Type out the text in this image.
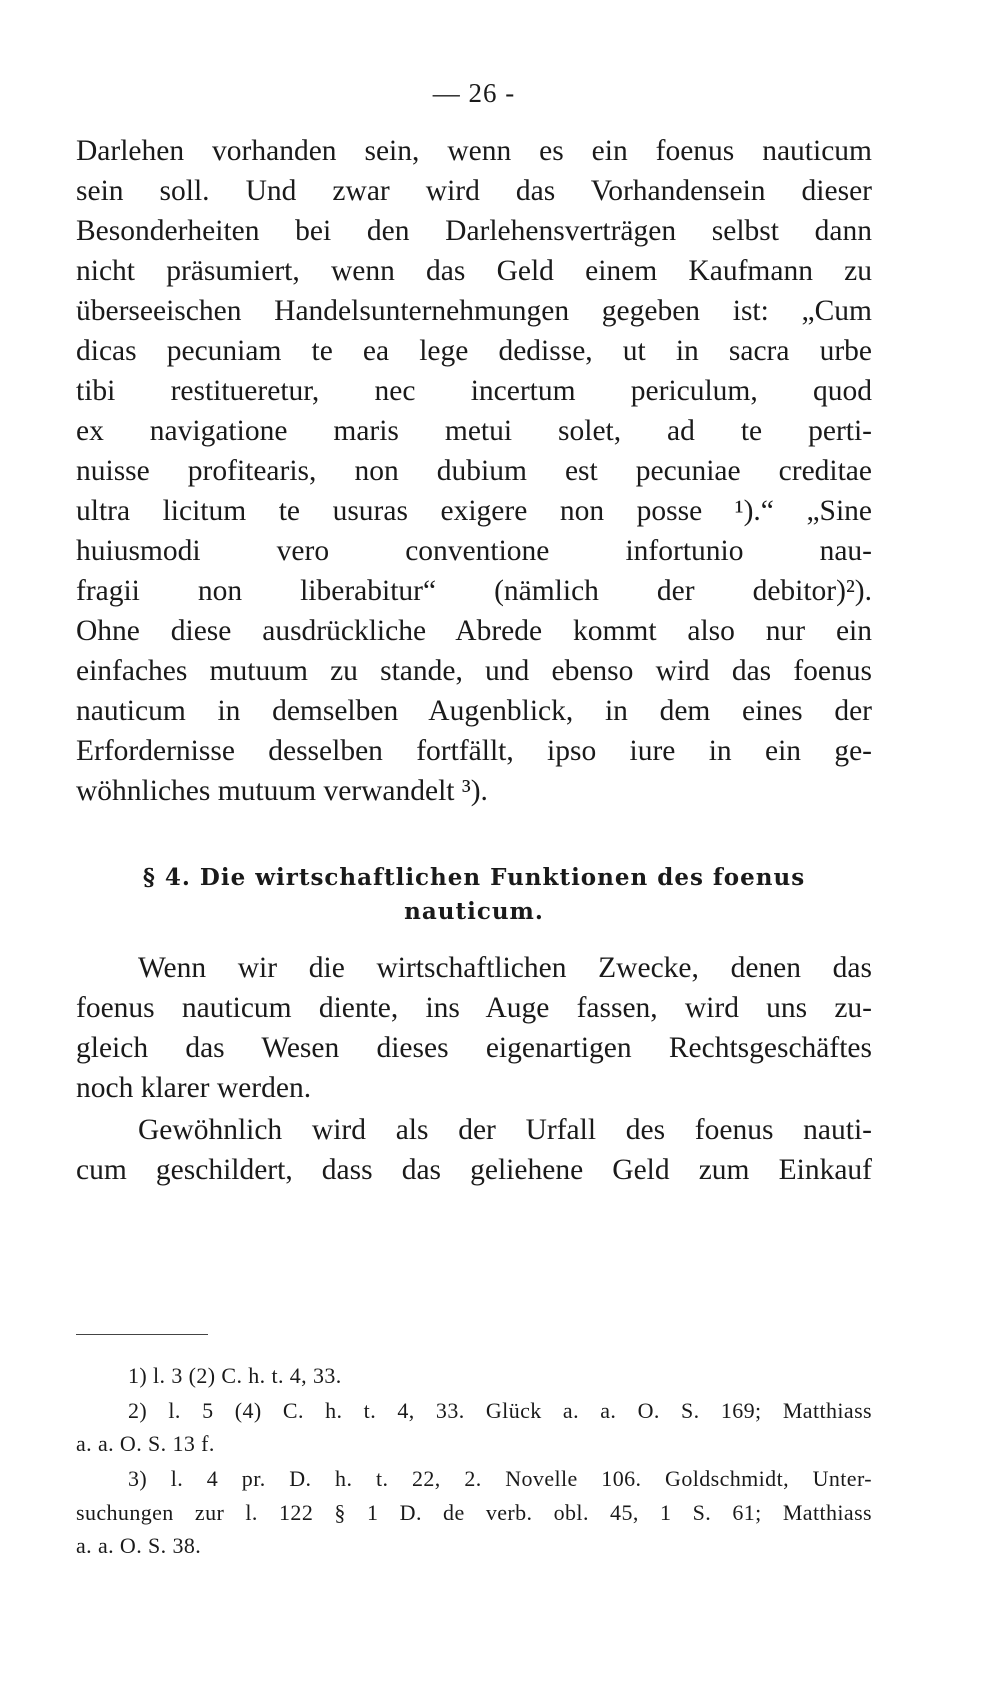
— 26 -
Darlehen vorhanden sein, wenn es ein foenus nauticum
sein soll. Und zwar wird das Vorhandensein dieser
Besonderheiten bei den Darlehensverträgen selbst dann
nicht präsumiert, wenn das Geld einem Kaufmann zu
überseeischen Handelsunternehmungen gegeben ist: „Cum
dicas pecuniam te ea lege dedisse, ut in sacra urbe
tibi restitueretur, nec incertum periculum, quod
ex navigatione maris metui solet, ad te perti-
nuisse profitearis, non dubium est pecuniae creditae
ultra licitum te usuras exigere non posse ¹).“ „Sine
huiusmodi vero conventione infortunio nau-
fragii non liberabitur“ (nämlich der debitor)²).
Ohne diese ausdrückliche Abrede kommt also nur ein
einfaches mutuum zu stande, und ebenso wird das foenus
nauticum in demselben Augenblick, in dem eines der
Erfordernisse desselben fortfällt, ipso iure in ein ge-
wöhnliches mutuum verwandelt ³).
§ 4. Die wirtschaftlichen Funktionen des foenus
nauticum.
Wenn wir die wirtschaftlichen Zwecke, denen das
foenus nauticum diente, ins Auge fassen, wird uns zu-
gleich das Wesen dieses eigenartigen Rechtsgeschäftes
noch klarer werden.
Gewöhnlich wird als der Urfall des foenus nauti-
cum geschildert, dass das geliehene Geld zum Einkauf
1) l. 3 (2) C. h. t. 4, 33.
2) l. 5 (4) C. h. t. 4, 33. Glück a. a. O. S. 169; Matthiass
a. a. O. S. 13 f.
3) l. 4 pr. D. h. t. 22, 2. Novelle 106. Goldschmidt, Unter-
suchungen zur l. 122 § 1 D. de verb. obl. 45, 1 S. 61; Matthiass
a. a. O. S. 38.
